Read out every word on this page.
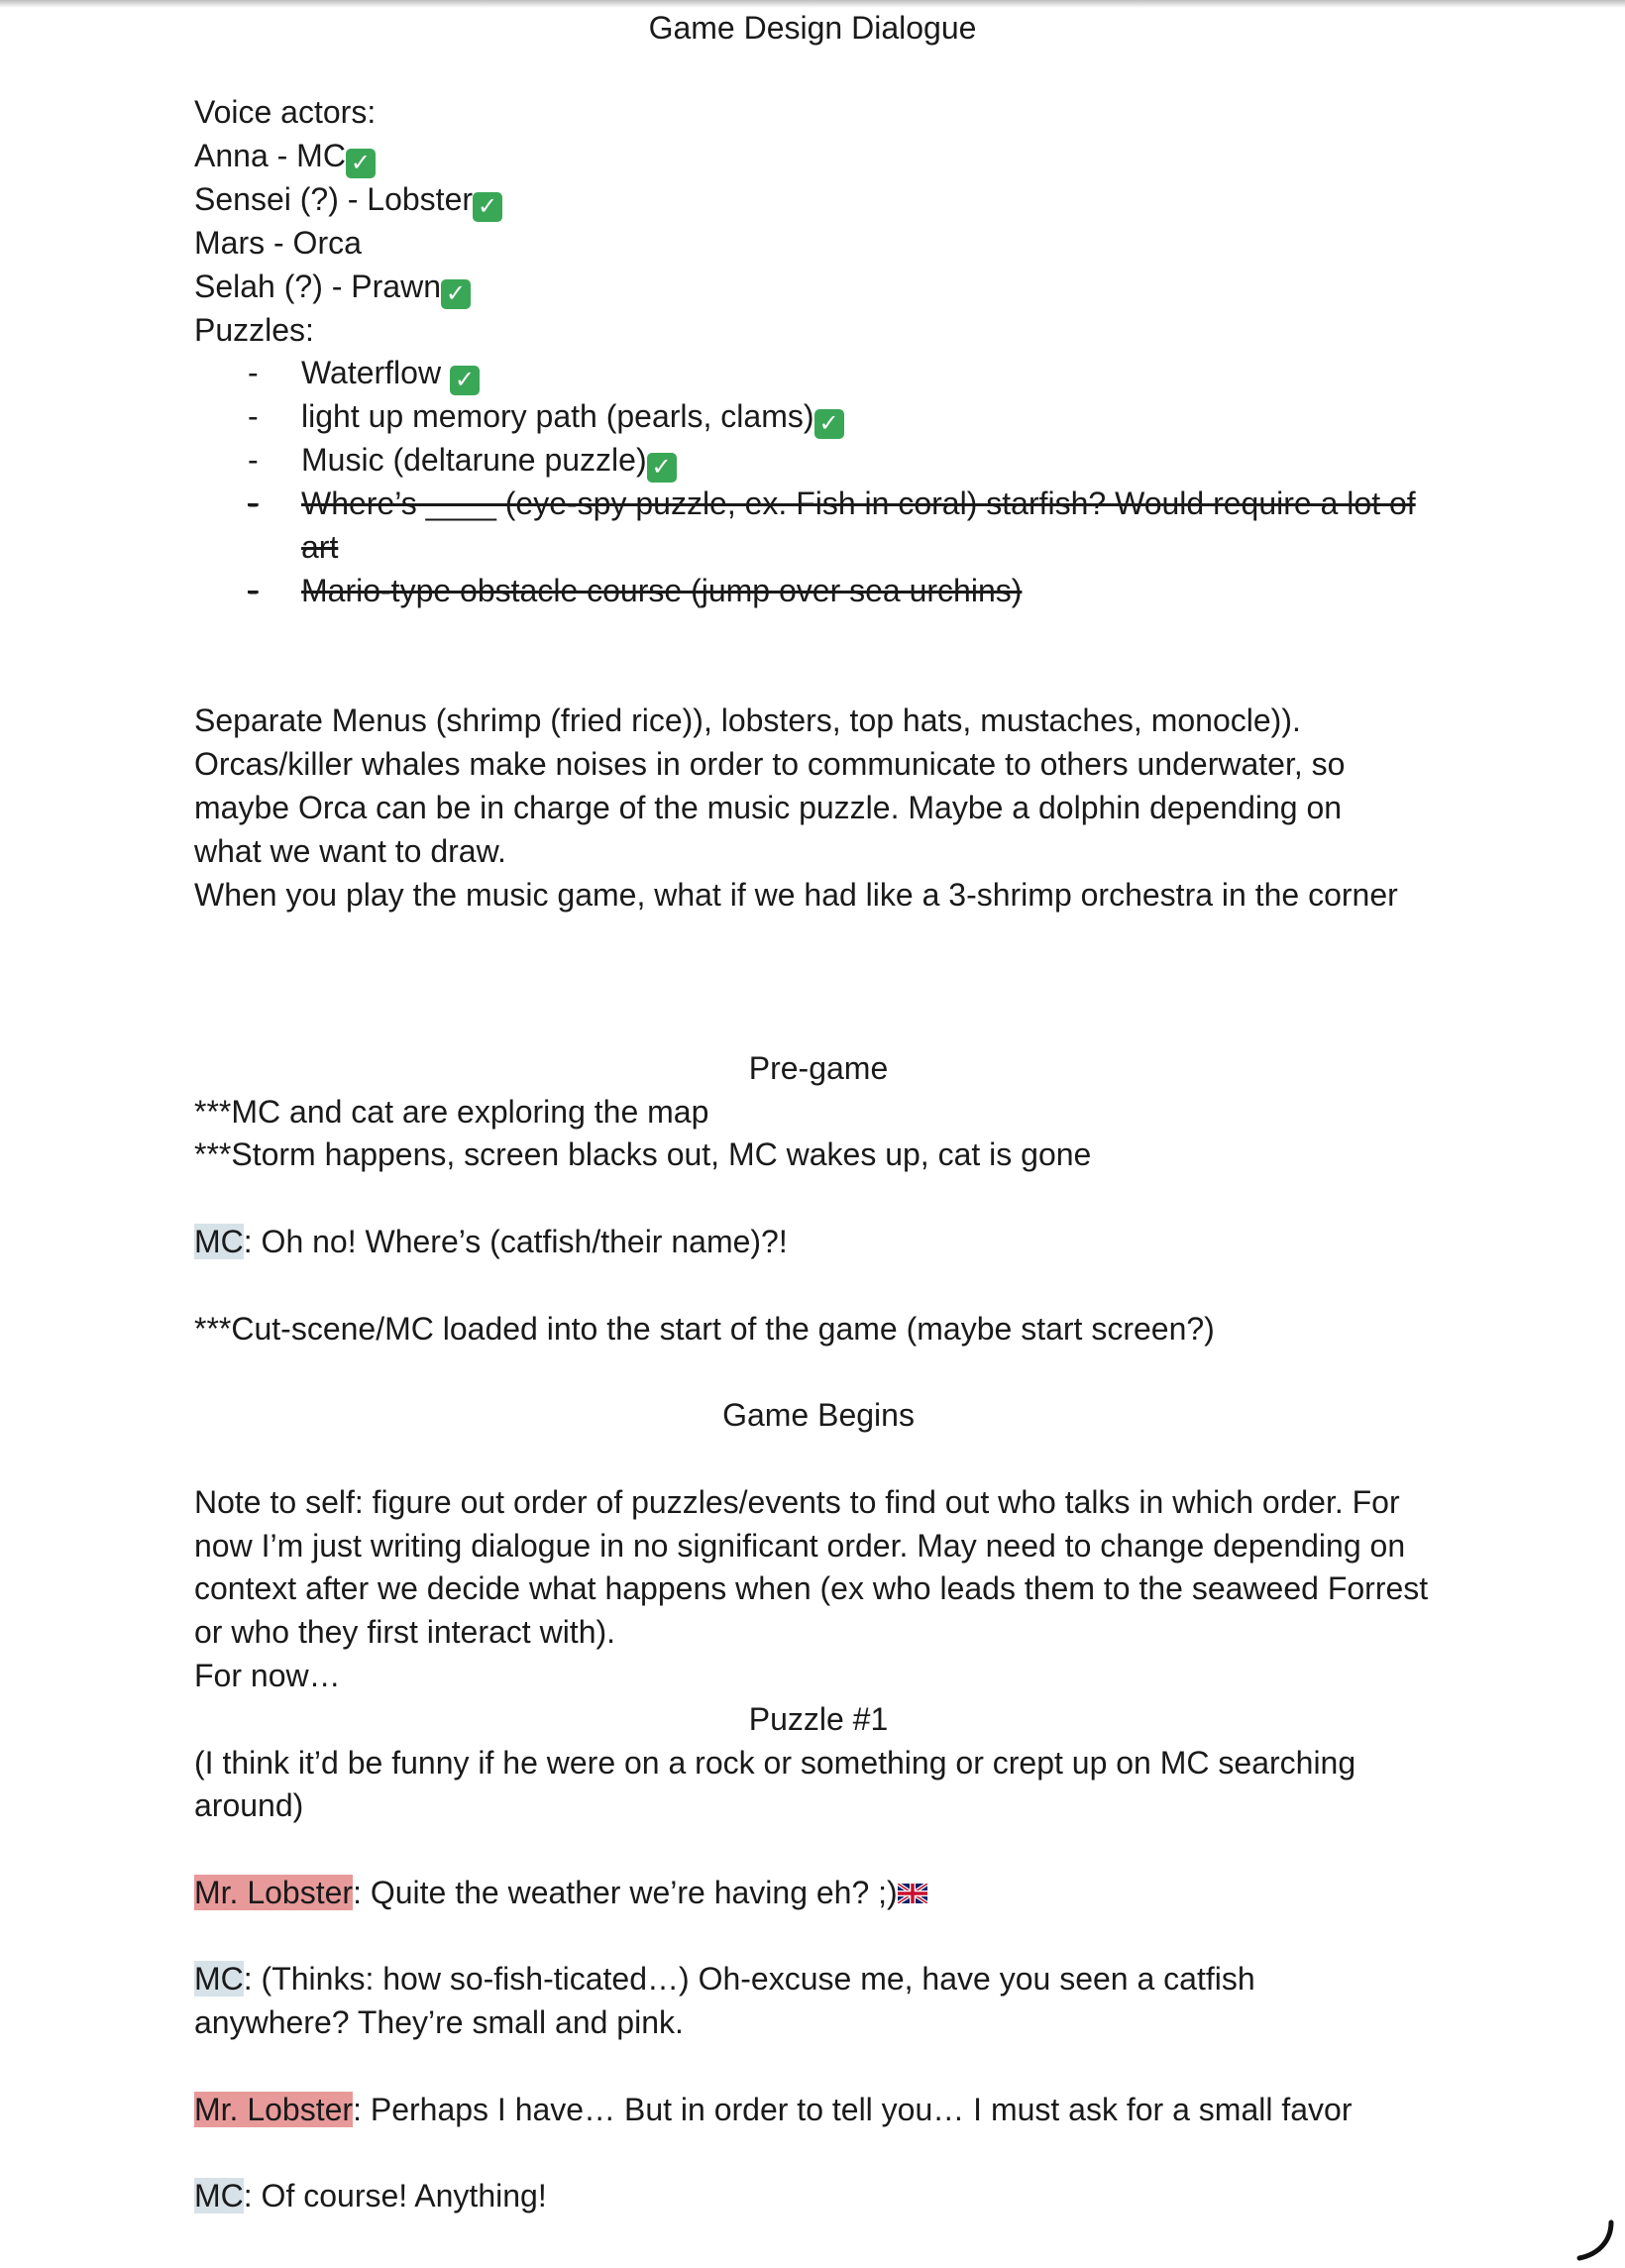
Game Design Dialogue
Voice actors:
Anna - MC ✓
Sensei (?) - Lobster ✓
Mars - Orca
Selah (?) - Prawn ✓
Puzzles:
- Waterflow ✓
- light up memory path (pearls, clams) ✓
- Music (deltarune puzzle) ✓
- Where’s ____ (eye-spy puzzle, ex. Fish in coral) starfish? Would require a lot of art
- Mario-type obstacle course (jump over sea urchins)
Separate Menus (shrimp (fried rice)), lobsters, top hats, mustaches, monocle)). Orcas/killer whales make noises in order to communicate to others underwater, so maybe Orca can be in charge of the music puzzle. Maybe a dolphin depending on what we want to draw.
When you play the music game, what if we had like a 3-shrimp orchestra in the corner
Pre-game
***MC and cat are exploring the map
***Storm happens, screen blacks out, MC wakes up, cat is gone
MC: Oh no! Where’s (catfish/their name)?!
***Cut-scene/MC loaded into the start of the game (maybe start screen?)
Game Begins
Note to self: figure out order of puzzles/events to find out who talks in which order. For now I’m just writing dialogue in no significant order. May need to change depending on context after we decide what happens when (ex who leads them to the seaweed Forrest or who they first interact with).
For now…
Puzzle #1
(I think it’d be funny if he were on a rock or something or crept up on MC searching around)
Mr. Lobster: Quite the weather we’re having eh? ;)
MC: (Thinks: how so-fish-ticated…) Oh-excuse me, have you seen a catfish anywhere? They’re small and pink.
Mr. Lobster: Perhaps I have… But in order to tell you… I must ask for a small favor
MC: Of course! Anything!
